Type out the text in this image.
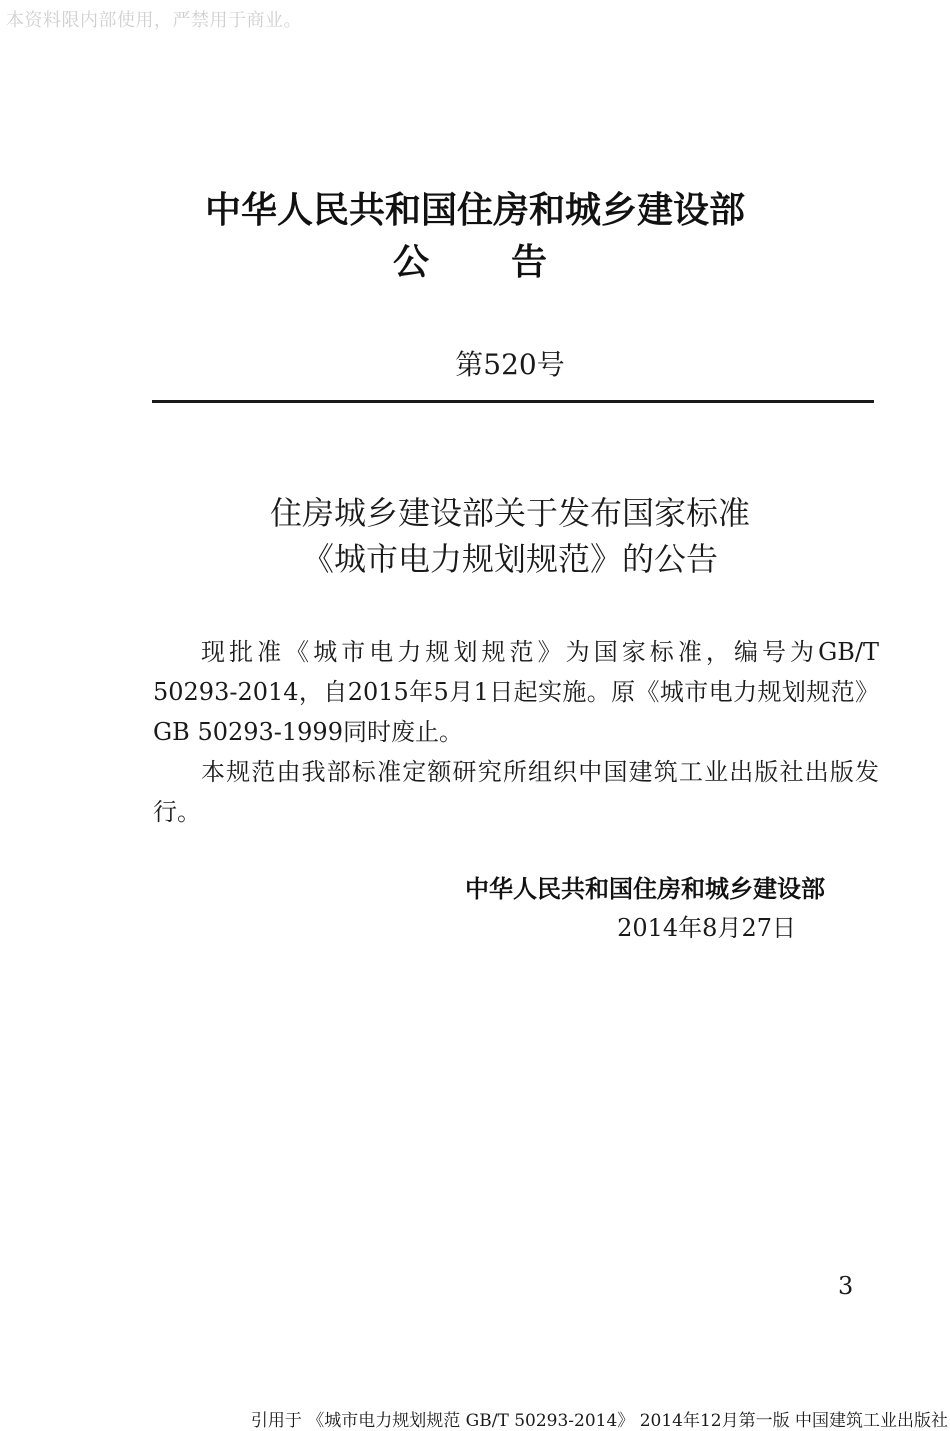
本资料限内部使用，严禁用于商业。
中华人民共和国住房和城乡建设部
公告
第520号
住房城乡建设部关于发布国家标准
《城市电力规划规范》的公告

现批准《城市电力规划规范》为国家标准，编号为GB/T 50293-2014，自2015年5月1日起实施。原《城市电力规划规范》GB 50293-1999同时废止。

本规范由我部标准定额研究所组织中国建筑工业出版社出版发行。

中华人民共和国住房和城乡建设部
2014年8月27日
3
引用于 《城市电力规划规范 GB/T 50293-2014》 2014年12月第一版 中国建筑工业出版社
